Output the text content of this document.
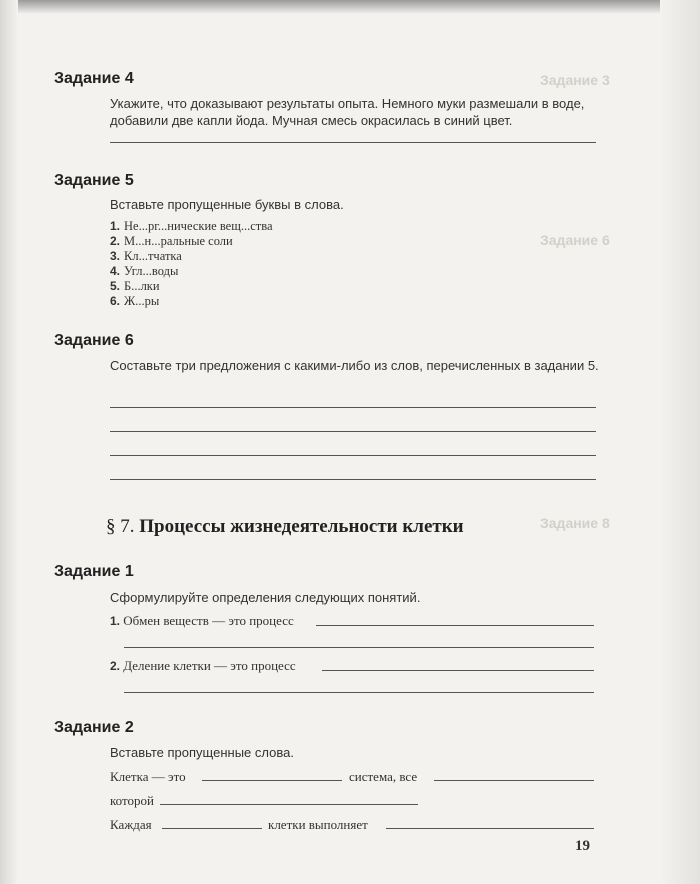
Задание 3
Задание 6
Задание 8
Задание 4
Укажите, что доказывают результаты опыта. Немного муки размешали в воде, добавили две капли йода. Мучная смесь окрасилась в синий цвет.
Задание 5
Вставьте пропущенные буквы в слова.
1. Не...рг...нические вещ...ства
2. М...н...ральные соли
3. Кл...тчатка
4. Угл...воды
5. Б...лки
6. Ж...ры
Задание 6
Составьте три предложения с какими-либо из слов, перечисленных в задании 5.
§ 7. Процессы жизнедеятельности клетки
Задание 1
Сформулируйте определения следующих понятий.
1. Обмен веществ — это процесс
2. Деление клетки — это процесс
Задание 2
Вставьте пропущенные слова.
Клетка — это	система, все
которой
Каждая	клетки выполняет
19
